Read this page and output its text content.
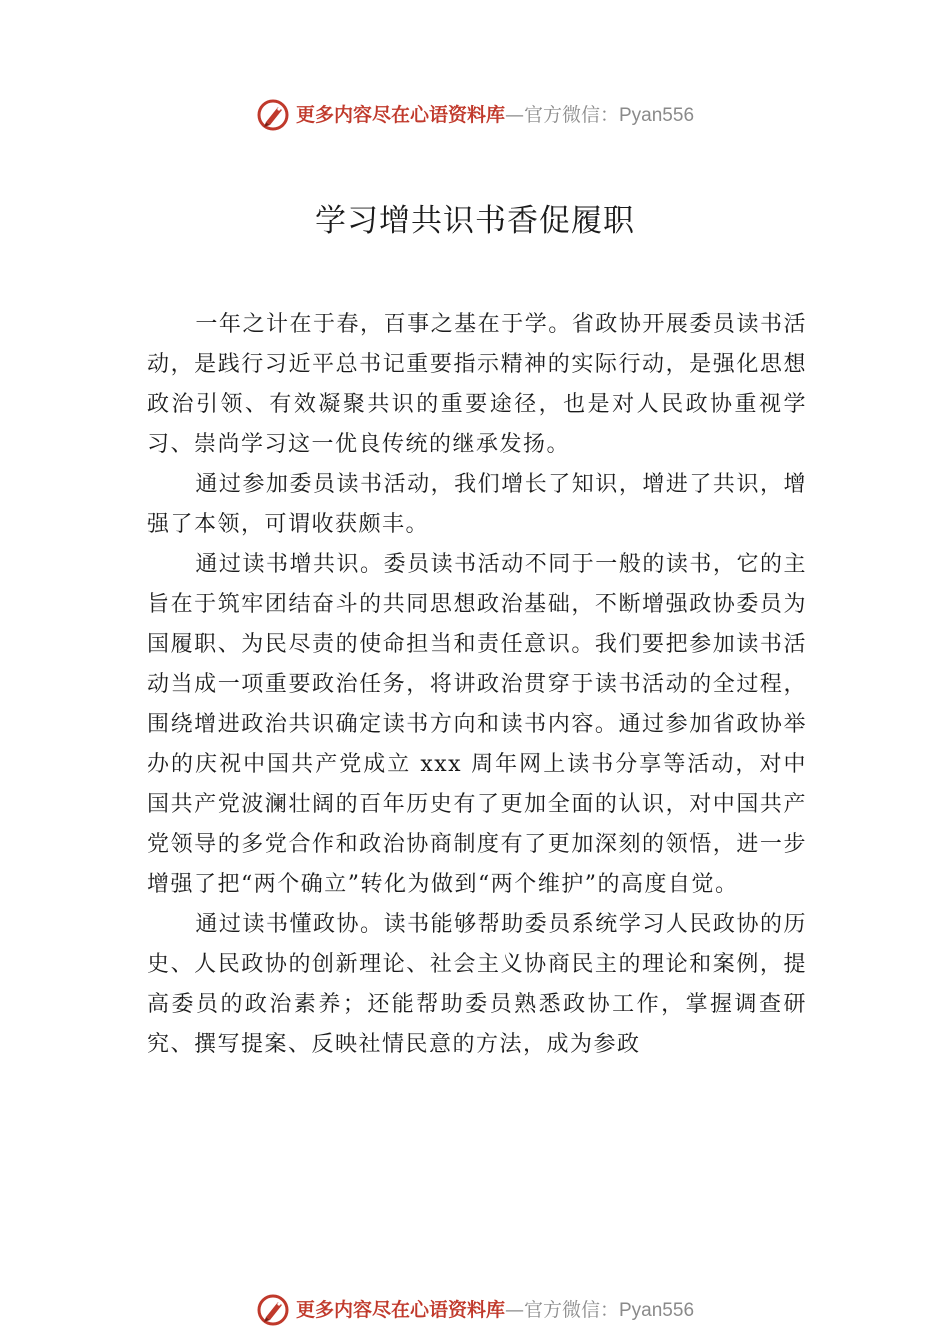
更多内容尽在心语资料库—官方微信：Pyan556
学习增共识书香促履职

一年之计在于春，百事之基在于学。省政协开展委员读书活动，是践行习近平总书记重要指示精神的实际行动，是强化思想政治引领、有效凝聚共识的重要途径，也是对人民政协重视学习、崇尚学习这一优良传统的继承发扬。

通过参加委员读书活动，我们增长了知识，增进了共识，增强了本领，可谓收获颇丰。

通过读书增共识。委员读书活动不同于一般的读书，它的主旨在于筑牢团结奋斗的共同思想政治基础，不断增强政协委员为国履职、为民尽责的使命担当和责任意识。我们要把参加读书活动当成一项重要政治任务，将讲政治贯穿于读书活动的全过程，围绕增进政治共识确定读书方向和读书内容。通过参加省政协举办的庆祝中国共产党成立 xxx 周年网上读书分享等活动，对中国共产党波澜壮阔的百年历史有了更加全面的认识，对中国共产党领导的多党合作和政治协商制度有了更加深刻的领悟，进一步增强了把“两个确立”转化为做到“两个维护”的高度自觉。

通过读书懂政协。读书能够帮助委员系统学习人民政协的历史、人民政协的创新理论、社会主义协商民主的理论和案例，提高委员的政治素养；还能帮助委员熟悉政协工作，掌握调查研究、撰写提案、反映社情民意的方法，成为参政

更多内容尽在心语资料库—官方微信：Pyan556
